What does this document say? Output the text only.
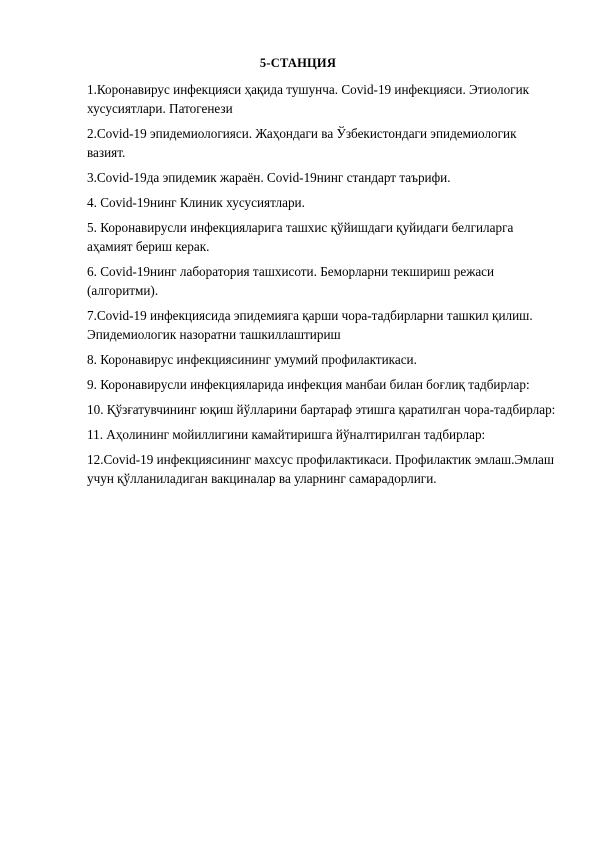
5-СТАНЦИЯ

1.Коронавирус инфекцияси ҳақида тушунча. Covid-19 инфекцияси. Этиологик хусусиятлари. Патогенези

2.Covid-19 эпидемиологияси. Жаҳондаги ва Ўзбекистондаги эпидемиологик вазият.

3.Covid-19да эпидемик жараён. Covid-19нинг стандарт таърифи.

4. Covid-19нинг Клиник хусусиятлари.

5. Коронавирусли инфекцияларига ташхис қўйишдаги қуйидаги белгиларга аҳамият бериш керак.

6. Covid-19нинг лаборатория ташхисоти. Беморларни текшириш режаси (алгоритми).

7.Covid-19 инфекциясида эпидемияга қарши чора-тадбирларни ташкил қилиш. Эпидемиологик назоратни ташкиллаштириш

8. Коронавирус инфекциясининг умумий профилактикаси.

9. Коронавирусли инфекцияларида инфекция манбаи билан боғлиқ тадбирлар:

10. Қўзғатувчининг юқиш йўлларини бартараф этишга қаратилган чора-тадбирлар:

11. Аҳолининг мойиллигини камайтиришга йўналтирилган тадбирлар:

12.Covid-19 инфекциясининг махсус профилактикаси. Профилактик эмлаш.Эмлаш учун қўлланиладиган вакциналар ва уларнинг самарадорлиги.
